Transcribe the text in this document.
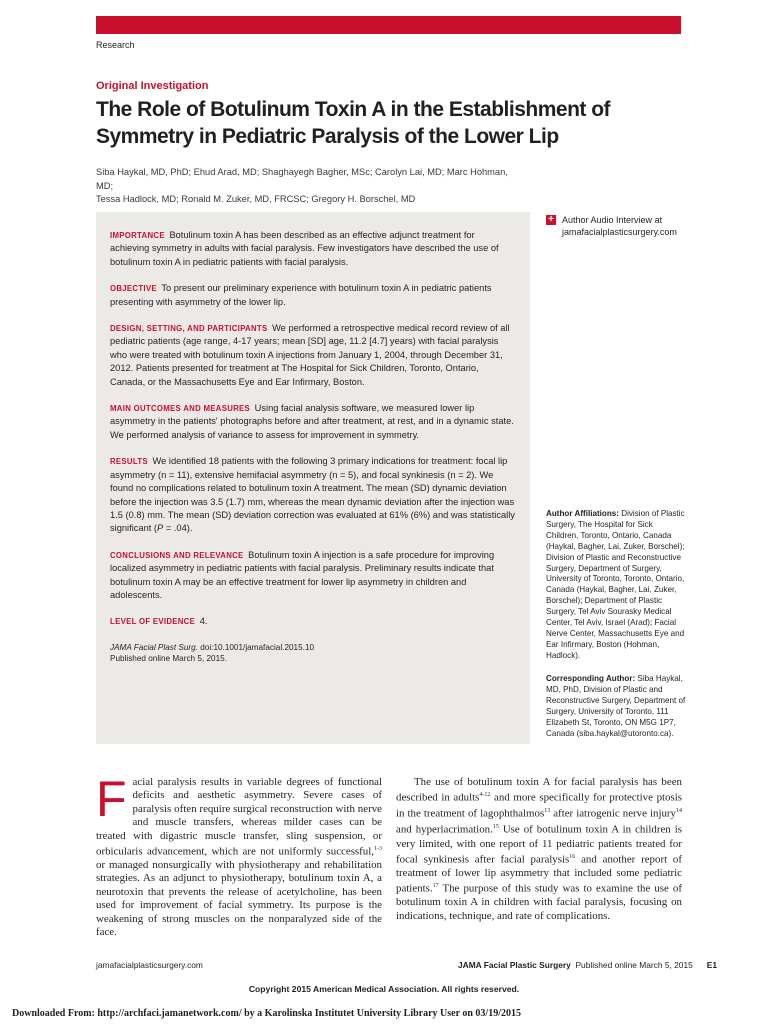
Research
Original Investigation
The Role of Botulinum Toxin A in the Establishment of Symmetry in Pediatric Paralysis of the Lower Lip
Siba Haykal, MD, PhD; Ehud Arad, MD; Shaghayegh Bagher, MSc; Carolyn Lai, MD; Marc Hohman, MD;
Tessa Hadlock, MD; Ronald M. Zuker, MD, FRCSC; Gregory H. Borschel, MD

IMPORTANCE Botulinum toxin A has been described as an effective adjunct treatment for achieving symmetry in adults with facial paralysis. Few investigators have described the use of botulinum toxin A in pediatric patients with facial paralysis.

OBJECTIVE To present our preliminary experience with botulinum toxin A in pediatric patients presenting with asymmetry of the lower lip.

DESIGN, SETTING, AND PARTICIPANTS We performed a retrospective medical record review of all pediatric patients (age range, 4-17 years; mean [SD] age, 11.2 [4.7] years) with facial paralysis who were treated with botulinum toxin A injections from January 1, 2004, through December 31, 2012. Patients presented for treatment at The Hospital for Sick Children, Toronto, Ontario, Canada, or the Massachusetts Eye and Ear Infirmary, Boston.

MAIN OUTCOMES AND MEASURES Using facial analysis software, we measured lower lip asymmetry in the patients' photographs before and after treatment, at rest, and in a dynamic state. We performed analysis of variance to assess for improvement in symmetry.

RESULTS We identified 18 patients with the following 3 primary indications for treatment: focal lip asymmetry (n = 11), extensive hemifacial asymmetry (n = 5), and focal synkinesis (n = 2). We found no complications related to botulinum toxin A treatment. The mean (SD) dynamic deviation before the injection was 3.5 (1.7) mm, whereas the mean dynamic deviation after the injection was 1.5 (0.8) mm. The mean (SD) deviation correction was evaluated at 61% (6%) and was statistically significant (P = .04).

CONCLUSIONS AND RELEVANCE Botulinum toxin A injection is a safe procedure for improving localized asymmetry in pediatric patients with facial paralysis. Preliminary results indicate that botulinum toxin A may be an effective treatment for lower lip asymmetry in children and adolescents.

LEVEL OF EVIDENCE 4.

JAMA Facial Plast Surg. doi:10.1001/jamafacial.2015.10
Published online March 5, 2015.
+ Author Audio Interview at
jamafacialplasticsurgery.com
Author Affiliations: Division of Plastic Surgery, The Hospital for Sick Children, Toronto, Ontario, Canada (Haykal, Bagher, Lai, Zuker, Borschel); Division of Plastic and Reconstructive Surgery, Department of Surgery, University of Toronto, Toronto, Ontario, Canada (Haykal, Bagher, Lai, Zuker, Borschel); Department of Plastic Surgery, Tel Aviv Sourasky Medical Center, Tel Aviv, Israel (Arad); Facial Nerve Center, Massachusetts Eye and Ear Infirmary, Boston (Hohman, Hadlock).
Corresponding Author: Siba Haykal, MD, PhD, Division of Plastic and Reconstructive Surgery, Department of Surgery, University of Toronto, 111 Elizabeth St, Toronto, ON M5G 1P7, Canada (siba.haykal@utoronto.ca).
Facial paralysis results in variable degrees of functional deficits and aesthetic asymmetry. Severe cases of paralysis often require surgical reconstruction with nerve and muscle transfers, whereas milder cases can be treated with digastric muscle transfer, sling suspension, or orbicularis advancement, which are not uniformly successful,$^{1-3}$ or managed nonsurgically with physiotherapy and rehabilitation strategies. As an adjunct to physiotherapy, botulinum toxin A, a neurotoxin that prevents the release of acetylcholine, has been used for improvement of facial symmetry. Its purpose is the weakening of strong muscles on the nonparalyzed side of the face.
The use of botulinum toxin A for facial paralysis has been described in adults$^{4-12}$ and more specifically for protective ptosis in the treatment of lagophthalmos$^{13}$ after iatrogenic nerve injury$^{14}$ and hyperlacrimation.$^{15}$ Use of botulinum toxin A in children is very limited, with one report of 11 pediatric patients treated for focal synkinesis after facial paralysis$^{16}$ and another report of treatment of lower lip asymmetry that included some pediatric patients.$^{17}$ The purpose of this study was to examine the use of botulinum toxin A in children with facial paralysis, focusing on indications, technique, and rate of complications.
jamafacialplasticsurgery.com	JAMA Facial Plastic Surgery Published online March 5, 2015 E1
Copyright 2015 American Medical Association. All rights reserved.
Downloaded From: http://archfaci.jamanetwork.com/ by a Karolinska Institutet University Library User on 03/19/2015
